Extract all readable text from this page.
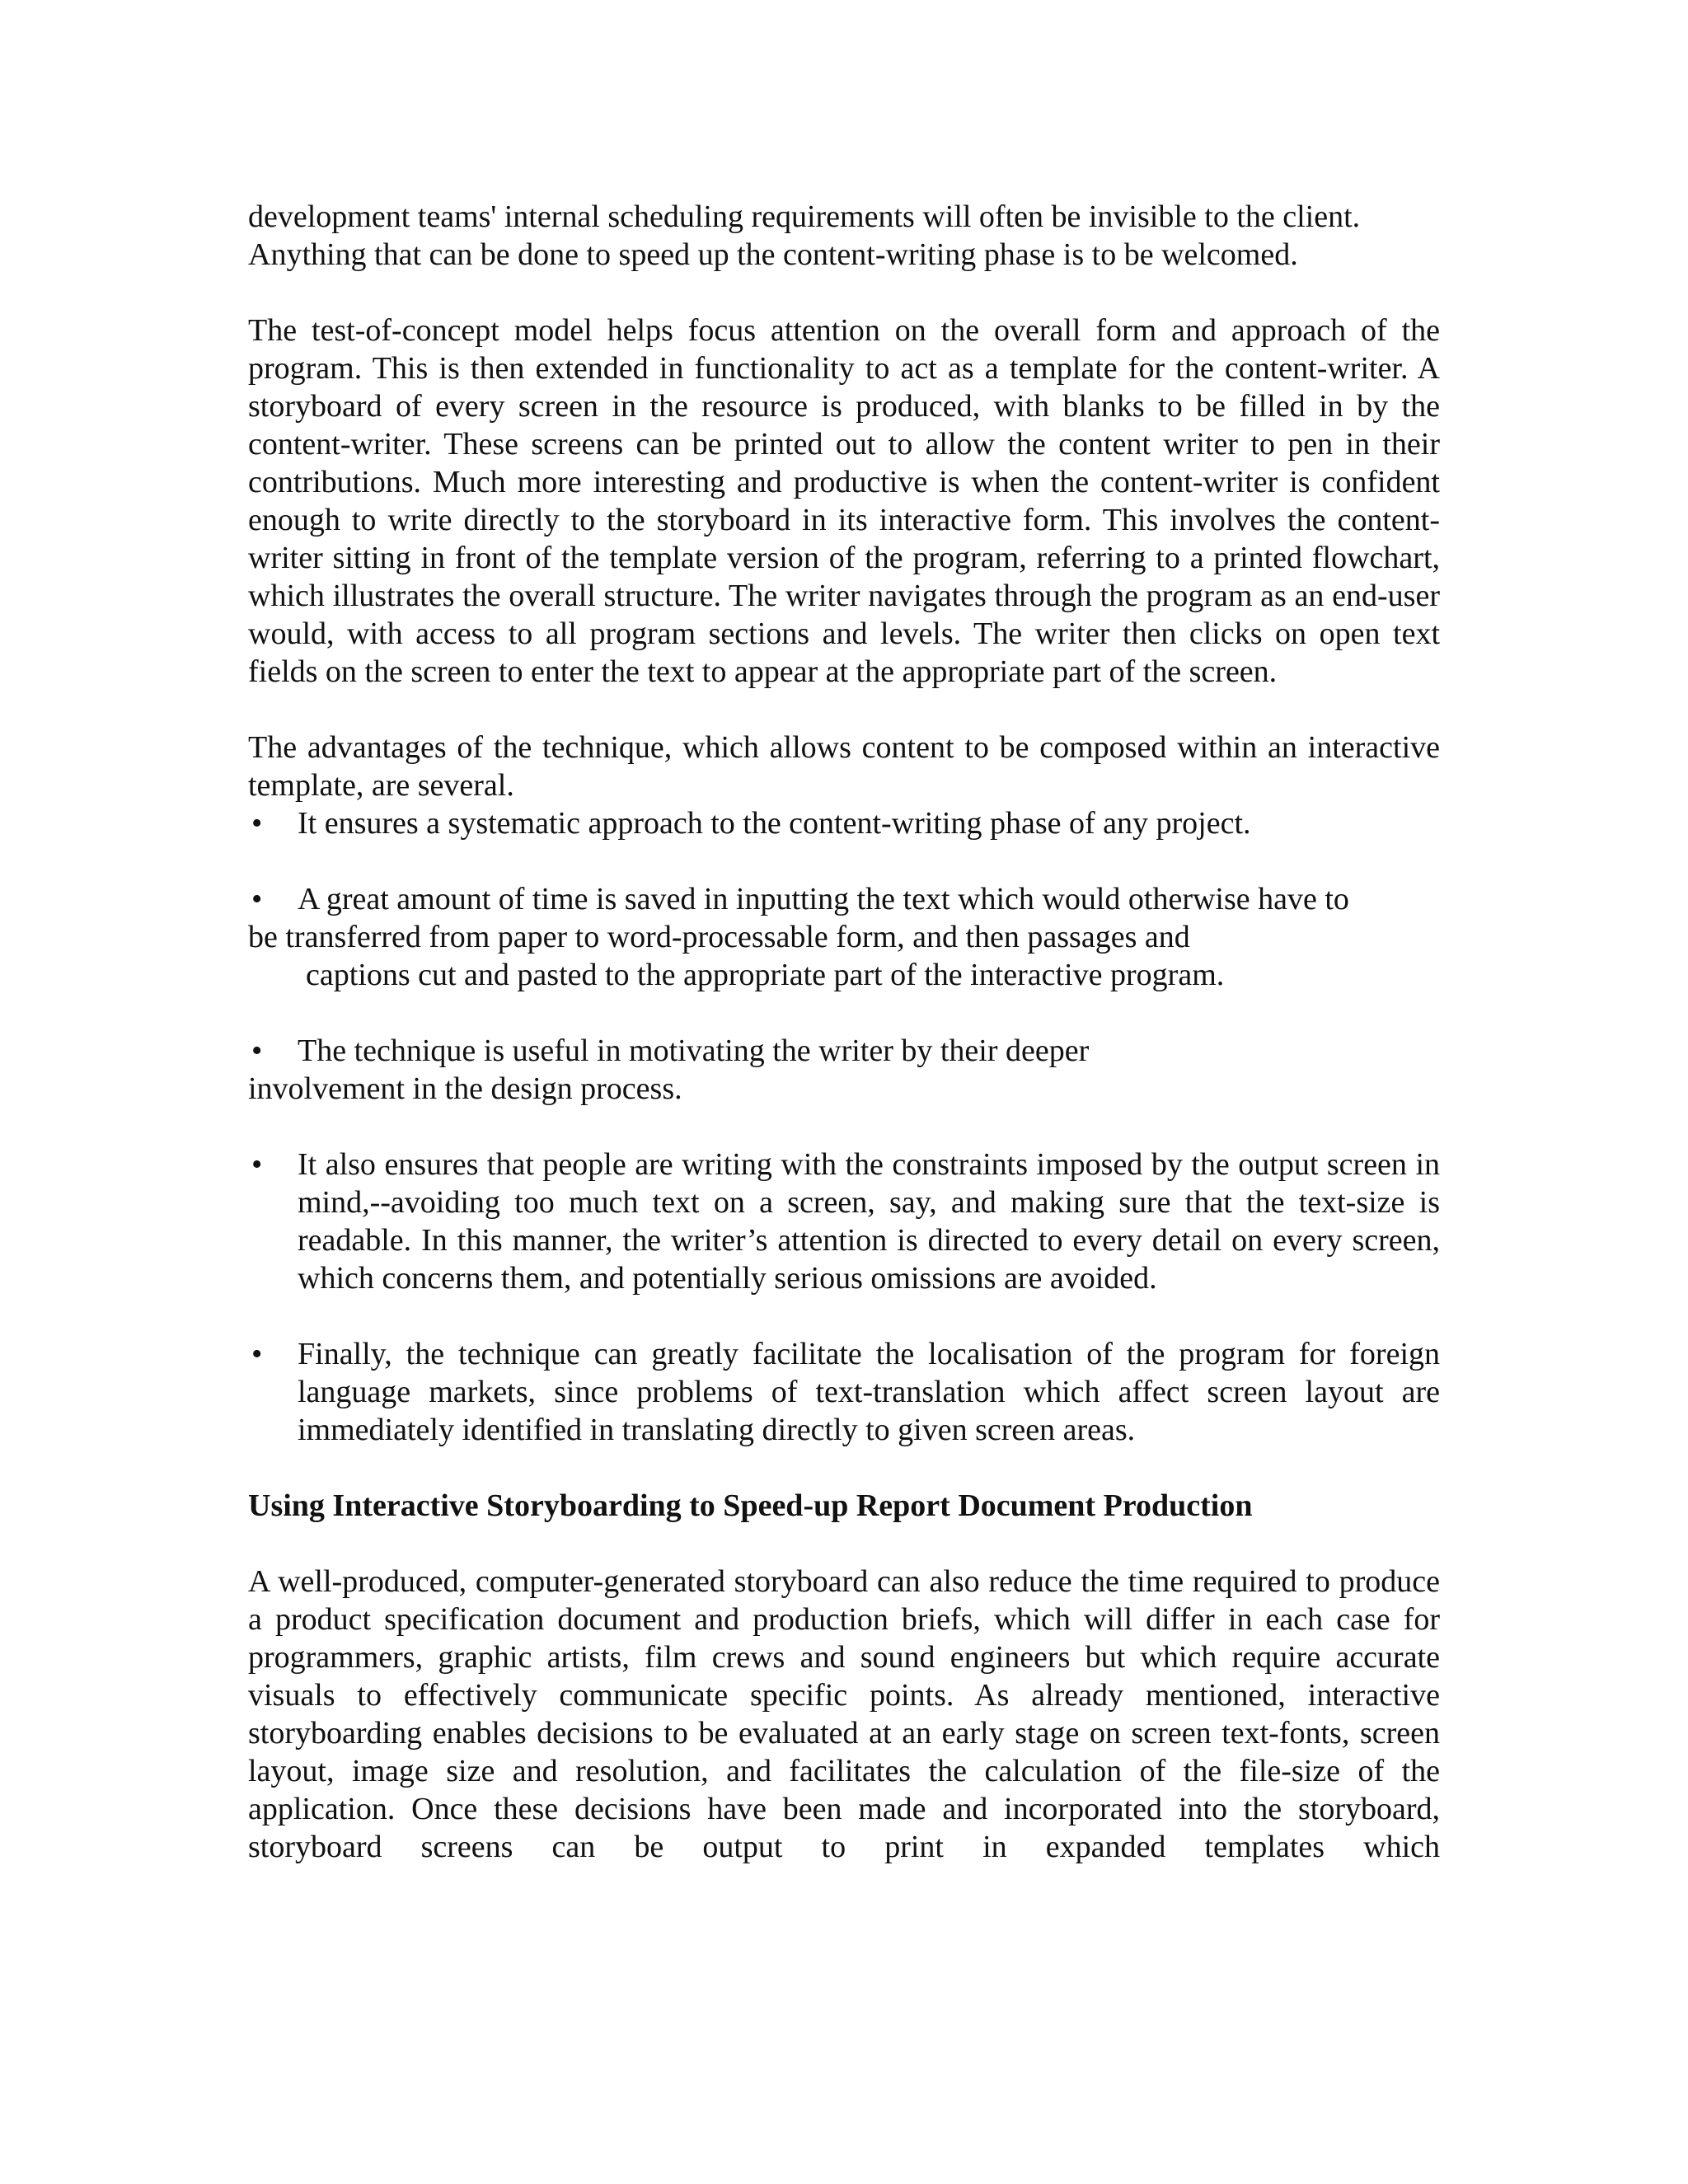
development teams' internal scheduling requirements will often be invisible to the client.
Anything that can be done to speed up the content-writing phase is to be welcomed.

The test-of-concept model helps focus attention on the overall form and approach of the program. This is then extended in functionality to act as a template for the content-writer. A storyboard of every screen in the resource is produced, with blanks to be filled in by the content-writer. These screens can be printed out to allow the content writer to pen in their contributions. Much more interesting and productive is when the content-writer is confident enough to write directly to the storyboard in its interactive form. This involves the content-writer sitting in front of the template version of the program, referring to a printed flowchart, which illustrates the overall structure. The writer navigates through the program as an end-user would, with access to all program sections and levels. The writer then clicks on open text fields on the screen to enter the text to appear at the appropriate part of the screen.

The advantages of the technique, which allows content to be composed within an interactive template, are several.

•	It ensures a systematic approach to the content-writing phase of any project.
• A great amount of time is saved in inputting the text which would otherwise have to
be transferred from paper to word-processable form, and then passages and
captions cut and pasted to the appropriate part of the interactive program.
• The technique is useful in motivating the writer by their deeper
involvement in the design process.
•	It also ensures that people are writing with the constraints imposed by the output screen in mind,--avoiding too much text on a screen, say, and making sure that the text-size is readable. In this manner, the writer’s attention is directed to every detail on every screen, which concerns them, and potentially serious omissions are avoided.
•	Finally, the technique can greatly facilitate the localisation of the program for foreign language markets, since problems of text-translation which affect screen layout are immediately identified in translating directly to given screen areas.

Using Interactive Storyboarding to Speed-up Report Document Production

A well-produced, computer-generated storyboard can also reduce the time required to produce a product specification document and production briefs, which will differ in each case for programmers, graphic artists, film crews and sound engineers but which require accurate visuals to effectively communicate specific points. As already mentioned, interactive storyboarding enables decisions to be evaluated at an early stage on screen text-fonts, screen layout, image size and resolution, and facilitates the calculation of the file-size of the application. Once these decisions have been made and incorporated into the storyboard, storyboard screens can be output to print in expanded templates which
